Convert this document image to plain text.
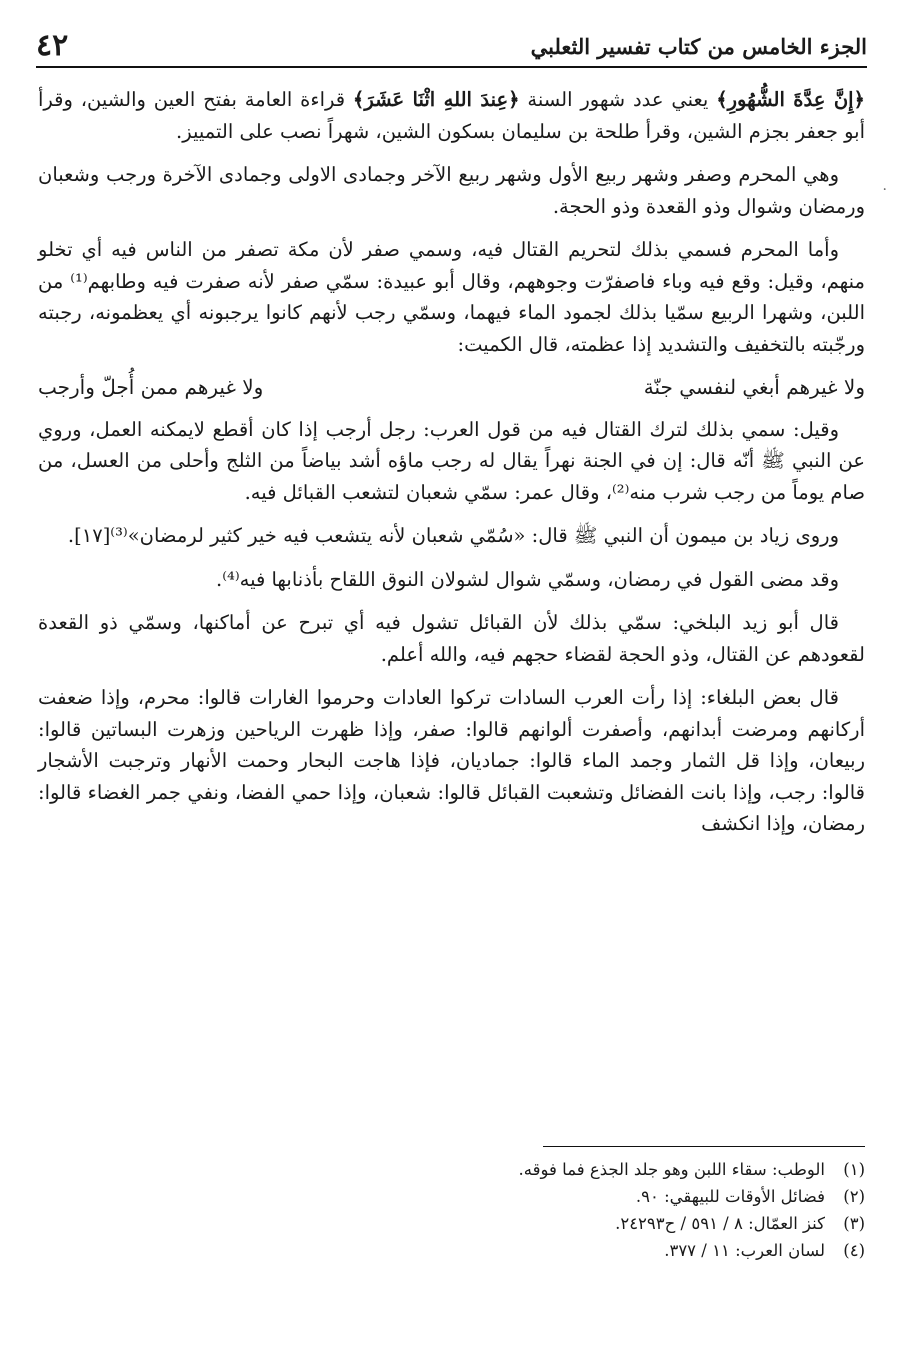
الجزء الخامس من كتاب تفسير الثعلبي
٤٢
·

﴿إِنَّ عِدَّةَ الشُّهُورِ﴾ يعني عدد شهور السنة ﴿عِندَ اللهِ اثْنَا عَشَرَ﴾ قراءة العامة بفتح العين والشين، وقرأ أبو جعفر بجزم الشين، وقرأ طلحة بن سليمان بسكون الشين، شهراً نصب على التمييز.

وهي المحرم وصفر وشهر ربيع الأول وشهر ربيع الآخر وجمادى الاولى وجمادى الآخرة ورجب وشعبان ورمضان وشوال وذو القعدة وذو الحجة.

وأما المحرم فسمي بذلك لتحريم القتال فيه، وسمي صفر لأن مكة تصفر من الناس فيه أي تخلو منهم، وقيل: وقع فيه وباء فاصفرّت وجوههم، وقال أبو عبيدة: سمّي صفر لأنه صفرت فيه وطابهم⁽¹⁾ من اللبن، وشهرا الربيع سمّيا بذلك لجمود الماء فيهما، وسمّي رجب لأنهم كانوا يرجبونه أي يعظمونه، رجبته ورجّبته بالتخفيف والتشديد إذا عظمته، قال الكميت:

ولا غيرهم أبغي لنفسي جنّة
ولا غيرهم ممن أُجلّ وأرجب

وقيل: سمي بذلك لترك القتال فيه من قول العرب: رجل أرجب إذا كان أقطع لايمكنه العمل، وروي عن النبي ﷺ أنّه قال: إن في الجنة نهراً يقال له رجب ماؤه أشد بياضاً من الثلج وأحلى من العسل، من صام يوماً من رجب شرب منه⁽²⁾، وقال عمر: سمّي شعبان لتشعب القبائل فيه.

وروى زياد بن ميمون أن النبي ﷺ قال: «سُمّي شعبان لأنه يتشعب فيه خير كثير لرمضان»⁽³⁾[١٧].

وقد مضى القول في رمضان، وسمّي شوال لشولان النوق اللقاح بأذنابها فيه⁽⁴⁾.

قال أبو زيد البلخي: سمّي بذلك لأن القبائل تشول فيه أي تبرح عن أماكنها، وسمّي ذو القعدة لقعودهم عن القتال، وذو الحجة لقضاء حجهم فيه، والله أعلم.

قال بعض البلغاء: إذا رأت العرب السادات تركوا العادات وحرموا الغارات قالوا: محرم، وإذا ضعفت أركانهم ومرضت أبدانهم، وأصفرت ألوانهم قالوا: صفر، وإذا ظهرت الرياحين وزهرت البساتين قالوا: ربيعان، وإذا قل الثمار وجمد الماء قالوا: جماديان، فإذا هاجت البحار وحمت الأنهار وترجبت الأشجار قالوا: رجب، وإذا بانت الفضائل وتشعبت القبائل قالوا: شعبان، وإذا حمي الفضا، ونفي جمر الغضاء قالوا: رمضان، وإذا انكشف

(١)
الوطب: سقاء اللبن وهو جلد الجذع فما فوقه.
(٢)
فضائل الأوقات للبيهقي: ٩٠.
(٣)
كنز العمّال: ٨ / ٥٩١ / ح٢٤٢٩٣.
(٤)
لسان العرب: ١١ / ٣٧٧.
